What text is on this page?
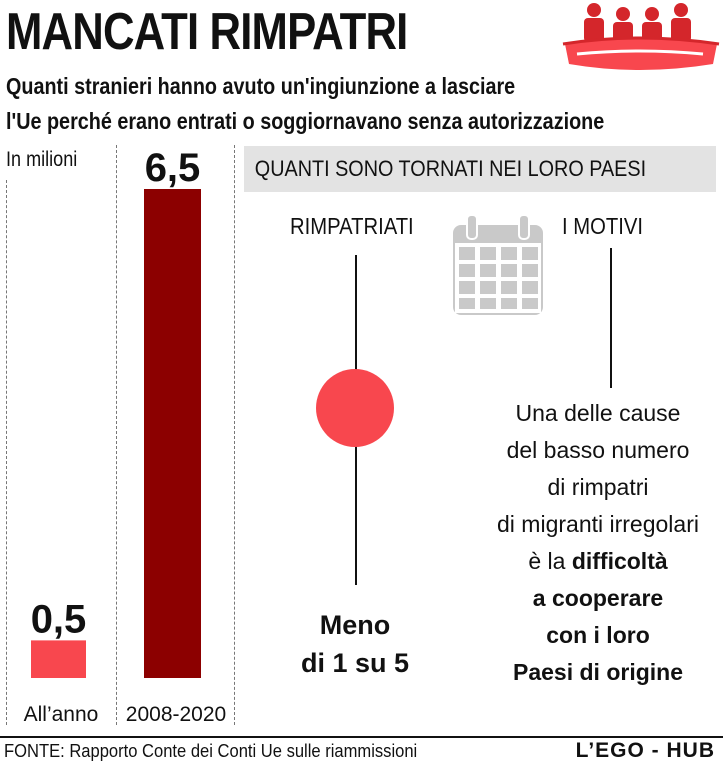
MANCATI RIMPATRI
Quanti stranieri hanno avuto un'ingiunzione a lasciare
l'Ue perché erano entrati o soggiornavano senza autorizzazione
In milioni
0,5
6,5
All’anno	2008-2020
QUANTI SONO TORNATI NEI LORO PAESI
RIMPATRIATI	I MOTIVI
Meno
di 1 su 5
Una delle cause
del basso numero
di rimpatri
di migranti irregolari
è la difficoltà
a cooperare
con i loro
Paesi di origine
FONTE: Rapporto Conte dei Conti Ue sulle riammissioni	L’EGO - HUB
